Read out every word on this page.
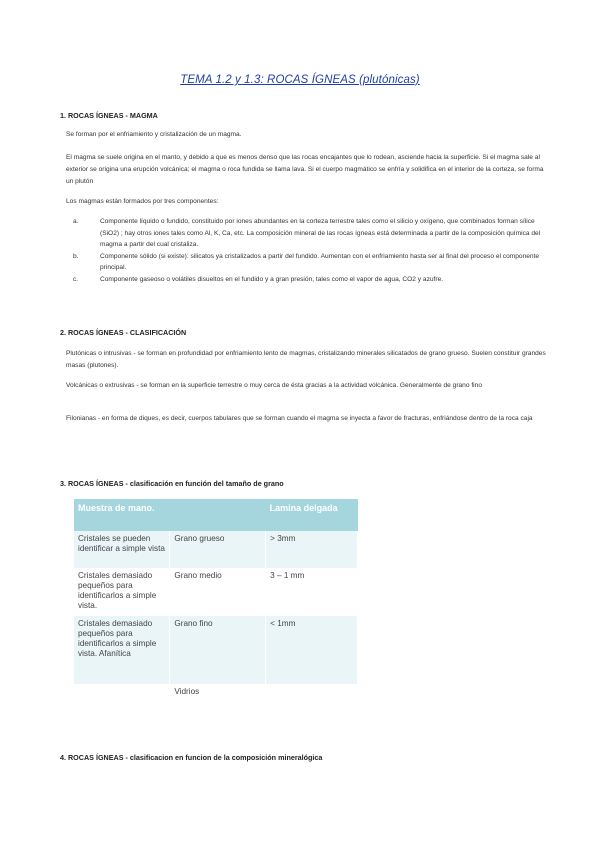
TEMA 1.2 y 1.3: ROCAS ÍGNEAS (plutónicas)
1. ROCAS ÍGNEAS - MAGMA
Se forman por el enfriamiento y cristalización de un magma.
El magma se suele origina en el manto, y debido a que es menos denso que las rocas encajantes que lo rodean, asciende hacia la superficie. Si el magma sale al exterior se origina una erupción volcánica; el magma o roca fundida se llama lava. Si el cuerpo magmático se enfría y solidifica en el interior de la corteza, se forma un plutón
Los magmas están formados por tres componentes:
a.	Componente líquido o fundido, constituido por iones abundantes en la corteza terrestre tales como el silicio y oxígeno, que combinados forman sílice (SiO2) ; hay otros iones tales como Al, K, Ca, etc. La composición mineral de las rocas ígneas está determinada a partir de la composición química del magma a partir del cual cristaliza.
b.	Componente sólido (si existe): silicatos ya cristalizados a partir del fundido. Aumentan con el enfriamiento hasta ser al final del proceso el componente principal.
c.	Componente gaseoso o volátiles disueltos en el fundido y a gran presión, tales como el vapor de agua, CO2 y azufre.
2. ROCAS ÍGNEAS - CLASIFICACIÓN
Plutónicas o intrusivas - se forman en profundidad por enfriamiento lento de magmas, cristalizando minerales silicatados de grano grueso. Suelen constituir grandes masas (plutones).
Volcánicas o extrusivas - se forman en la superficie terrestre o muy cerca de ésta gracias a la actividad volcánica. Generalmente de grano fino
Filonianas - en forma de diques, es decir, cuerpos tabulares que se forman cuando el magma se inyecta a favor de fracturas, enfriándose dentro de la roca caja
3. ROCAS ÍGNEAS - clasificación en función del tamaño de grano
Muestra de mano.		Lamina delgada
Cristales se pueden identificar a simple vista	Grano grueso	> 3mm
Cristales demasiado pequeños para identificarlos a simple vista.	Grano medio	3 – 1 mm
Cristales demasiado pequeños para identificarlos a simple vista. Afanítica	Grano fino	< 1mm
	Vidrios	
4. ROCAS ÍGNEAS - clasificacion en funcion de la composición mineralógica
